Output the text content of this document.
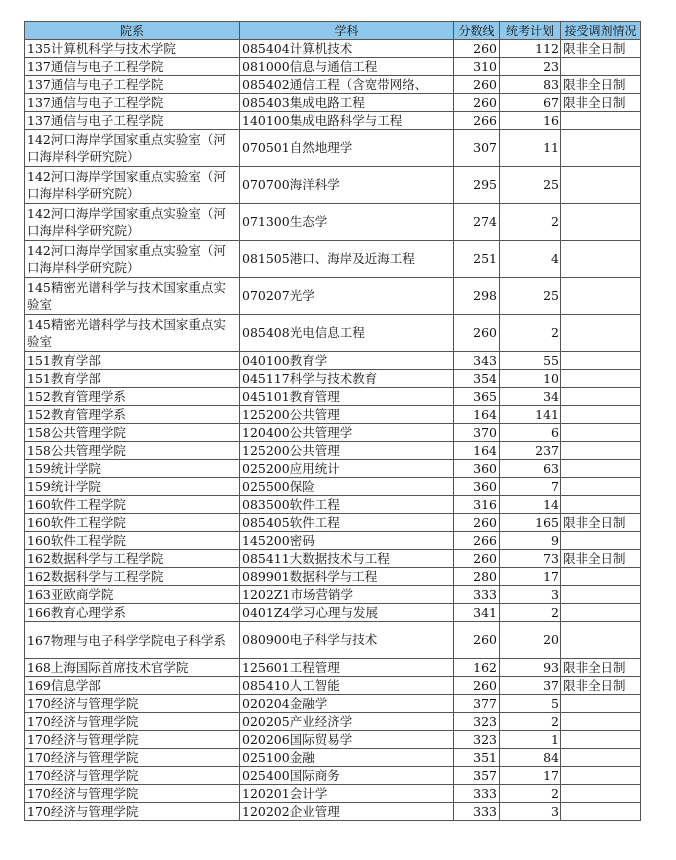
院系	学科	分数线	统考计划	接受调剂情况
135计算机科学与技术学院	085404计算机技术	260	112	限非全日制
137通信与电子工程学院	081000信息与通信工程	310	23	
137通信与电子工程学院	085402通信工程（含宽带网络、	260	83	限非全日制
137通信与电子工程学院	085403集成电路工程	260	67	限非全日制
137通信与电子工程学院	140100集成电路科学与工程	266	16	
142河口海岸学国家重点实验室（河口海岸科学研究院）	070501自然地理学	307	11	
142河口海岸学国家重点实验室（河口海岸科学研究院）	070700海洋科学	295	25	
142河口海岸学国家重点实验室（河口海岸科学研究院）	071300生态学	274	2	
142河口海岸学国家重点实验室（河口海岸科学研究院）	081505港口、海岸及近海工程	251	4	
145精密光谱科学与技术国家重点实验室	070207光学	298	25	
145精密光谱科学与技术国家重点实验室	085408光电信息工程	260	2	
151教育学部	040100教育学	343	55	
151教育学部	045117科学与技术教育	354	10	
152教育管理学系	045101教育管理	365	34	
152教育管理学系	125200公共管理	164	141	
158公共管理学院	120400公共管理学	370	6	
158公共管理学院	125200公共管理	164	237	
159统计学院	025200应用统计	360	63	
159统计学院	025500保险	360	7	
160软件工程学院	083500软件工程	316	14	
160软件工程学院	085405软件工程	260	165	限非全日制
160软件工程学院	145200密码	266	9	
162数据科学与工程学院	085411大数据技术与工程	260	73	限非全日制
162数据科学与工程学院	089901数据科学与工程	280	17	
163亚欧商学院	1202Z1市场营销学	333	3	
166教育心理学系	0401Z4学习心理与发展	341	2	
167物理与电子科学学院电子科学系	080900电子科学与技术	260	20	
168上海国际首席技术官学院	125601工程管理	162	93	限非全日制
169信息学部	085410人工智能	260	37	限非全日制
170经济与管理学院	020204金融学	377	5	
170经济与管理学院	020205产业经济学	323	2	
170经济与管理学院	020206国际贸易学	323	1	
170经济与管理学院	025100金融	351	84	
170经济与管理学院	025400国际商务	357	17	
170经济与管理学院	120201会计学	333	2	
170经济与管理学院	120202企业管理	333	3	
